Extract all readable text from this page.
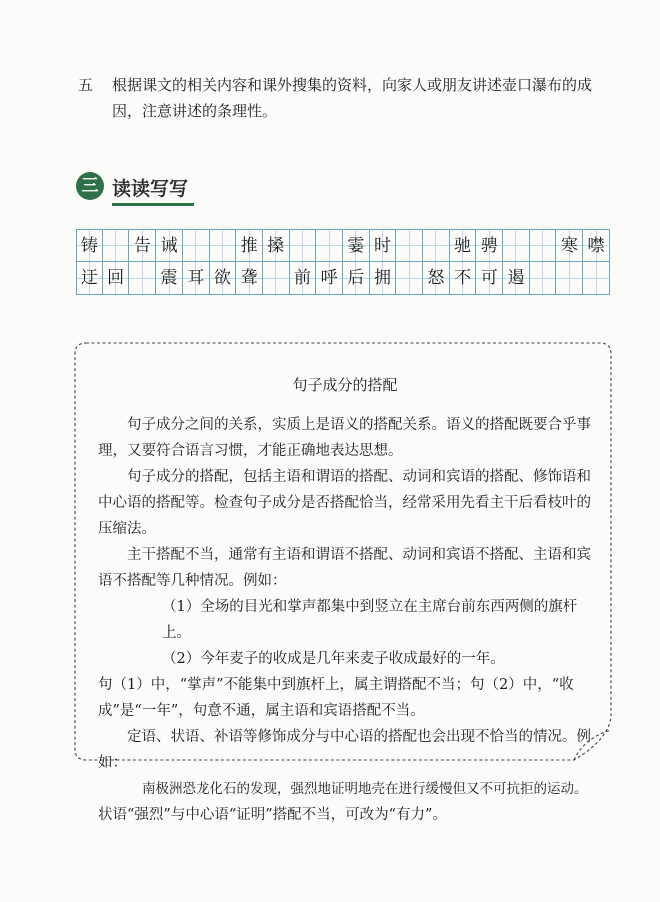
五 根据课文的相关内容和课外搜集的资料，向家人或朋友讲述壶口瀑布的成因，注意讲述的条理性。
三 读读写写
铸 告 诫	推 搡	霎 时	驰 骋	寒 噤
迂 回	震 耳 欲 聋	前 呼 后 拥	怒 不 可 遏
句子成分的搭配

句子成分之间的关系，实质上是语义的搭配关系。语义的搭配既要合乎事理，又要符合语言习惯，才能正确地表达思想。

句子成分的搭配，包括主语和谓语的搭配、动词和宾语的搭配、修饰语和中心语的搭配等。检查句子成分是否搭配恰当，经常采用先看主干后看枝叶的压缩法。

主干搭配不当，通常有主语和谓语不搭配、动词和宾语不搭配、主语和宾语不搭配等几种情况。例如：

（1）全场的目光和掌声都集中到竖立在主席台前东西两侧的旗杆上。

（2）今年麦子的收成是几年来麦子收成最好的一年。

句（1）中，“掌声”不能集中到旗杆上，属主谓搭配不当；句（2）中，“收成”是“一年”，句意不通，属主语和宾语搭配不当。

定语、状语、补语等修饰成分与中心语的搭配也会出现不恰当的情况。例如：

南极洲恐龙化石的发现，强烈地证明地壳在进行缓慢但又不可抗拒的运动。

状语“强烈”与中心语“证明”搭配不当，可改为“有力”。
